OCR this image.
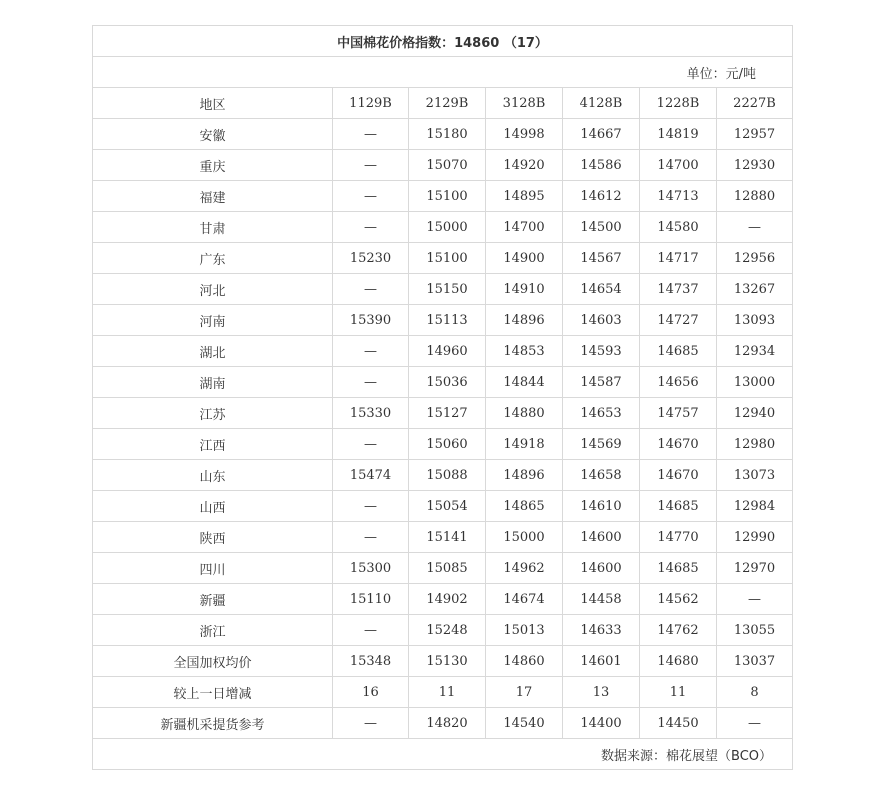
中国棉花价格指数：14860 （17）						
单位：元/吨						
地区	1129B	2129B	3128B	4128B	1228B	2227B
安徽	—	15180	14998	14667	14819	12957
重庆	—	15070	14920	14586	14700	12930
福建	—	15100	14895	14612	14713	12880
甘肃	—	15000	14700	14500	14580	—
广东	15230	15100	14900	14567	14717	12956
河北	—	15150	14910	14654	14737	13267
河南	15390	15113	14896	14603	14727	13093
湖北	—	14960	14853	14593	14685	12934
湖南	—	15036	14844	14587	14656	13000
江苏	15330	15127	14880	14653	14757	12940
江西	—	15060	14918	14569	14670	12980
山东	15474	15088	14896	14658	14670	13073
山西	—	15054	14865	14610	14685	12984
陕西	—	15141	15000	14600	14770	12990
四川	15300	15085	14962	14600	14685	12970
新疆	15110	14902	14674	14458	14562	—
浙江	—	15248	15013	14633	14762	13055
全国加权均价	15348	15130	14860	14601	14680	13037
较上一日增减	16	11	17	13	11	8
新疆机采提货参考	—	14820	14540	14400	14450	—
数据来源：棉花展望（BCO）						
